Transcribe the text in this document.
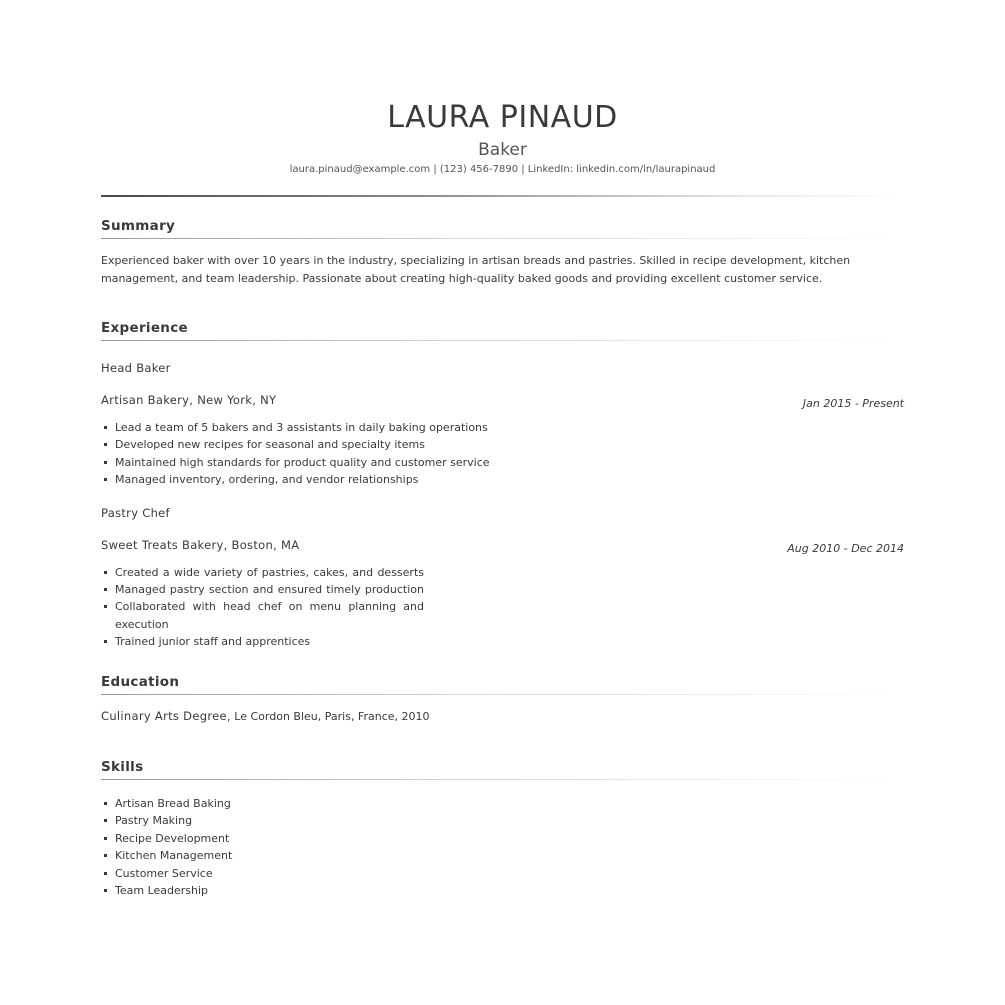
LAURA PINAUD
Baker
laura.pinaud@example.com | (123) 456-7890 | LinkedIn: linkedin.com/in/laurapinaud
Summary
Experienced baker with over 10 years in the industry, specializing in artisan breads and pastries. Skilled in recipe development, kitchen management, and team leadership. Passionate about creating high-quality baked goods and providing excellent customer service.
Experience
Head Baker
Artisan Bakery, New York, NY	Jan 2015 - Present
Lead a team of 5 bakers and 3 assistants in daily baking operations
Developed new recipes for seasonal and specialty items
Maintained high standards for product quality and customer service
Managed inventory, ordering, and vendor relationships
Pastry Chef
Sweet Treats Bakery, Boston, MA	Aug 2010 - Dec 2014
Created a wide variety of pastries, cakes, and desserts
Managed pastry section and ensured timely production
Collaborated with head chef on menu planning and execution
Trained junior staff and apprentices
Education
Culinary Arts Degree, Le Cordon Bleu, Paris, France, 2010
Skills
Artisan Bread Baking
Pastry Making
Recipe Development
Kitchen Management
Customer Service
Team Leadership
